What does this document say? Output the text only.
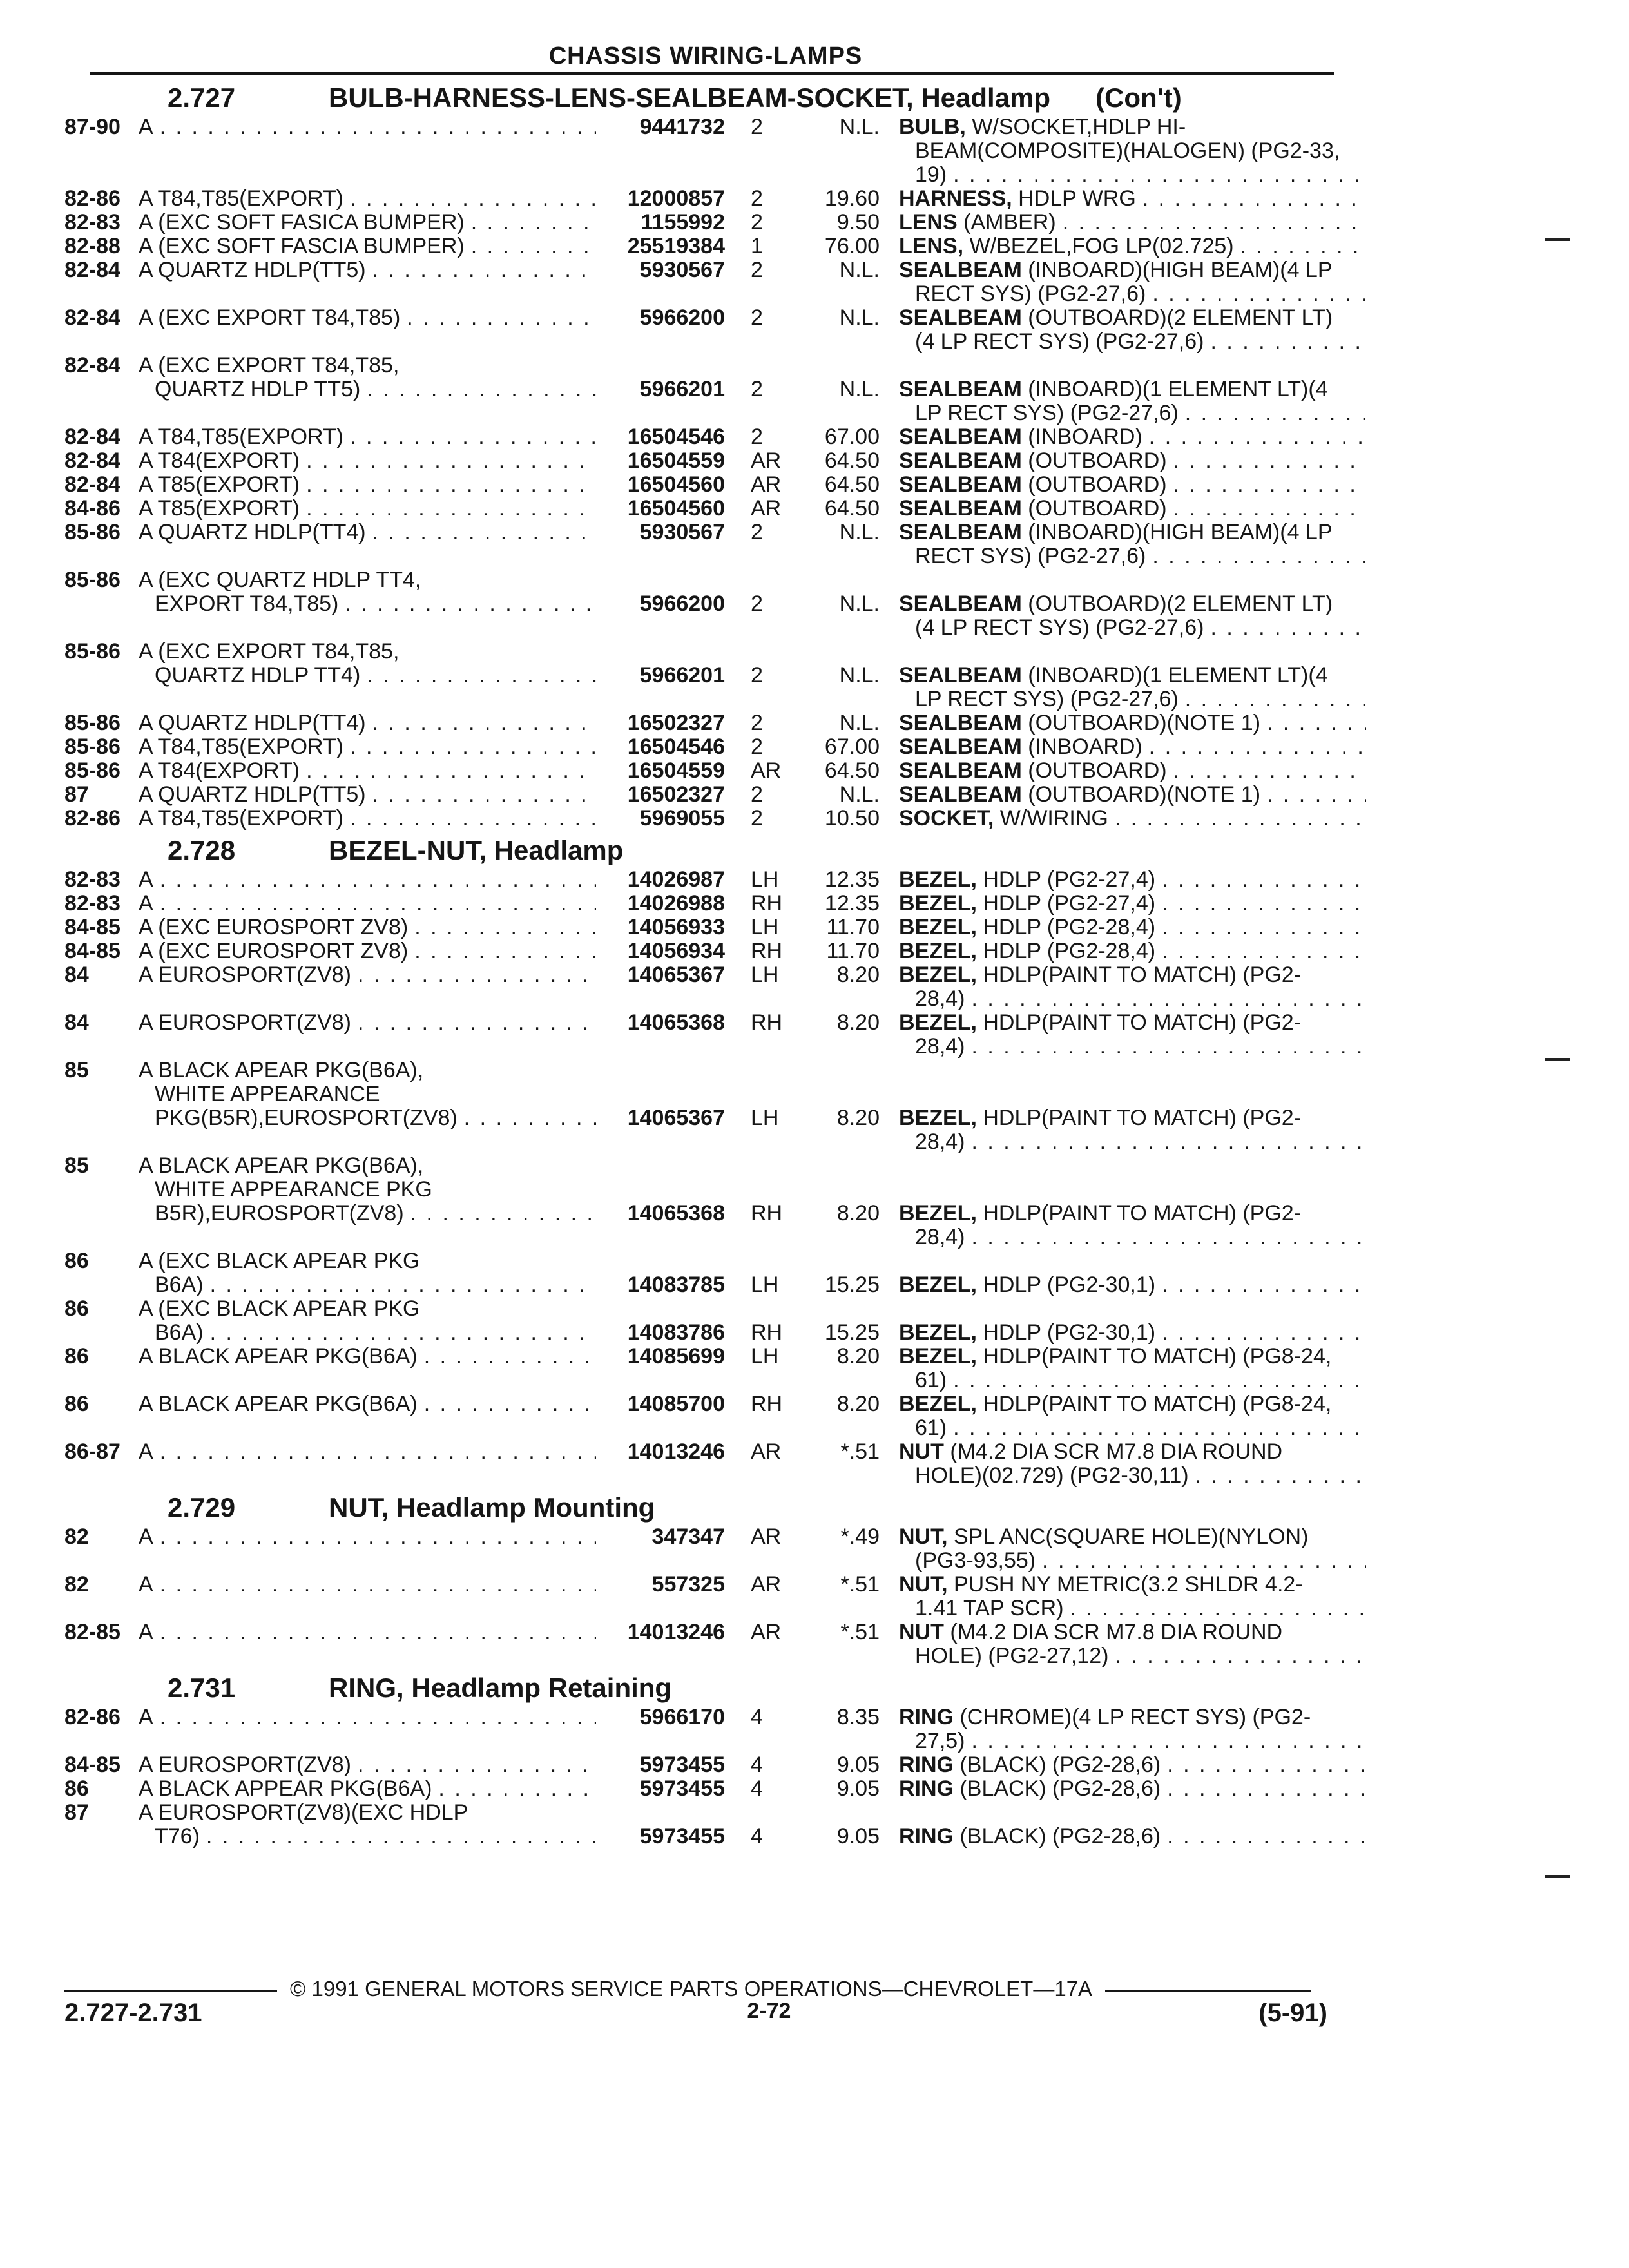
CHASSIS WIRING-LAMPS
2.727	BULB-HARNESS-LENS-SEALBEAM-SOCKET, Headlamp      (Con't)
87-90 A . . .	9441732	2	N.L. BULB, W/SOCKET,HDLP HI-
BEAM(COMPOSITE)(HALOGEN) (PG2-33,
19)
. . .
82-86 A T84,T85(EXPORT) . . .	12000857	2	19.60 HARNESS, HDLP WRG
. . .
82-83 A (EXC SOFT FASICA BUMPER) . . .	1155992	2	9.50 LENS (AMBER)
. . .
82-88 A (EXC SOFT FASCIA BUMPER) . . .	25519384	1	76.00 LENS, W/BEZEL,FOG LP(02.725)
. . .
82-84 A QUARTZ HDLP(TT5) . . .	5930567	2	N.L. SEALBEAM (INBOARD)(HIGH BEAM)(4 LP
RECT SYS) (PG2-27,6)
. . .
82-84 A (EXC EXPORT T84,T85) . . .	5966200	2	N.L. SEALBEAM (OUTBOARD)(2 ELEMENT LT)
(4 LP RECT SYS) (PG2-27,6)
. . .
82-84 A (EXC EXPORT T84,T85,
QUARTZ HDLP TT5) . . .	5966201	2	N.L. SEALBEAM (INBOARD)(1 ELEMENT LT)(4
LP RECT SYS) (PG2-27,6)
. . .
82-84 A T84,T85(EXPORT) . . .	16504546	2	67.00 SEALBEAM (INBOARD)
. . .
82-84 A T84(EXPORT) . . .	16504559	AR	64.50 SEALBEAM (OUTBOARD)
. . .
82-84 A T85(EXPORT) . . .	16504560	AR	64.50 SEALBEAM (OUTBOARD)
. . .
84-86 A T85(EXPORT) . . .	16504560	AR	64.50 SEALBEAM (OUTBOARD)
. . .
85-86 A QUARTZ HDLP(TT4) . . .	5930567	2	N.L. SEALBEAM (INBOARD)(HIGH BEAM)(4 LP
RECT SYS) (PG2-27,6)
. . .
85-86 A (EXC QUARTZ HDLP TT4,
EXPORT T84,T85) . . .	5966200	2	N.L. SEALBEAM (OUTBOARD)(2 ELEMENT LT)
(4 LP RECT SYS) (PG2-27,6)
. . .
85-86 A (EXC EXPORT T84,T85,
QUARTZ HDLP TT4) . . .	5966201	2	N.L. SEALBEAM (INBOARD)(1 ELEMENT LT)(4
LP RECT SYS) (PG2-27,6)
. . .
85-86 A QUARTZ HDLP(TT4) . . .	16502327	2	N.L. SEALBEAM (OUTBOARD)(NOTE 1)
. . .
85-86 A T84,T85(EXPORT) . . .	16504546	2	67.00 SEALBEAM (INBOARD)
. . .
85-86 A T84(EXPORT) . . .	16504559	AR	64.50 SEALBEAM (OUTBOARD)
. . .
87	A QUARTZ HDLP(TT5) . . .	16502327	2	N.L. SEALBEAM (OUTBOARD)(NOTE 1)
. . .
82-86 A T84,T85(EXPORT) . . .	5969055	2	10.50 SOCKET, W/WIRING
. . .
2.728	BEZEL-NUT, Headlamp
82-83 A . . .	14026987	LH	12.35 BEZEL, HDLP (PG2-27,4)
. . .
82-83 A . . .	14026988	RH	12.35 BEZEL, HDLP (PG2-27,4)
. . .
84-85 A (EXC EUROSPORT ZV8) . . .	14056933	LH	11.70 BEZEL, HDLP (PG2-28,4)
. . .
84-85 A (EXC EUROSPORT ZV8) . . .	14056934	RH	11.70 BEZEL, HDLP (PG2-28,4)
. . .
84	A EUROSPORT(ZV8) . . .	14065367	LH	8.20 BEZEL, HDLP(PAINT TO MATCH) (PG2-
28,4)
. . .
84	A EUROSPORT(ZV8) . . .	14065368	RH	8.20 BEZEL, HDLP(PAINT TO MATCH) (PG2-
28,4)
. . .
85	A BLACK APEAR PKG(B6A),
WHITE APPEARANCE
PKG(B5R),EUROSPORT(ZV8) . . .	14065367	LH	8.20 BEZEL, HDLP(PAINT TO MATCH) (PG2-
28,4)
. . .
85	A BLACK APEAR PKG(B6A),
WHITE APPEARANCE PKG
B5R),EUROSPORT(ZV8) . . .	14065368	RH	8.20 BEZEL, HDLP(PAINT TO MATCH) (PG2-
28,4)
. . .
86	A (EXC BLACK APEAR PKG
B6A) . . .	14083785	LH	15.25 BEZEL, HDLP (PG2-30,1)
. . .
86	A (EXC BLACK APEAR PKG
B6A) . . .	14083786	RH	15.25 BEZEL, HDLP (PG2-30,1)
. . .
86	A BLACK APEAR PKG(B6A) . . .	14085699	LH	8.20 BEZEL, HDLP(PAINT TO MATCH) (PG8-24,
61)
. . .
86	A BLACK APEAR PKG(B6A) . . .	14085700	RH	8.20 BEZEL, HDLP(PAINT TO MATCH) (PG8-24,
61)
. . .
86-87 A . . .	14013246	AR	*.51 NUT (M4.2 DIA SCR M7.8 DIA ROUND
HOLE)(02.729) (PG2-30,11)
. . .
2.729	NUT, Headlamp Mounting
82	A . . .	347347	AR	*.49 NUT, SPL ANC(SQUARE HOLE)(NYLON)
(PG3-93,55)
. . .
82	A . . .	557325	AR	*.51 NUT, PUSH NY METRIC(3.2 SHLDR 4.2-
1.41 TAP SCR)
. . .
82-85 A . . .	14013246	AR	*.51 NUT (M4.2 DIA SCR M7.8 DIA ROUND
HOLE) (PG2-27,12)
. . .
2.731	RING, Headlamp Retaining
82-86 A . . .	5966170	4	8.35 RING (CHROME)(4 LP RECT SYS) (PG2-
27,5)
. . .
84-85 A EUROSPORT(ZV8) . . .	5973455	4	9.05 RING (BLACK) (PG2-28,6)
. . .
86	A BLACK APPEAR PKG(B6A) . . .	5973455	4	9.05 RING (BLACK) (PG2-28,6)
. . .
87	A EUROSPORT(ZV8)(EXC HDLP
T76) . . .	5973455	4	9.05 RING (BLACK) (PG2-28,6)
. . .
© 1991 GENERAL MOTORS SERVICE PARTS OPERATIONS—CHEVROLET—17A
2.727-2.731	2-72	(5-91)
